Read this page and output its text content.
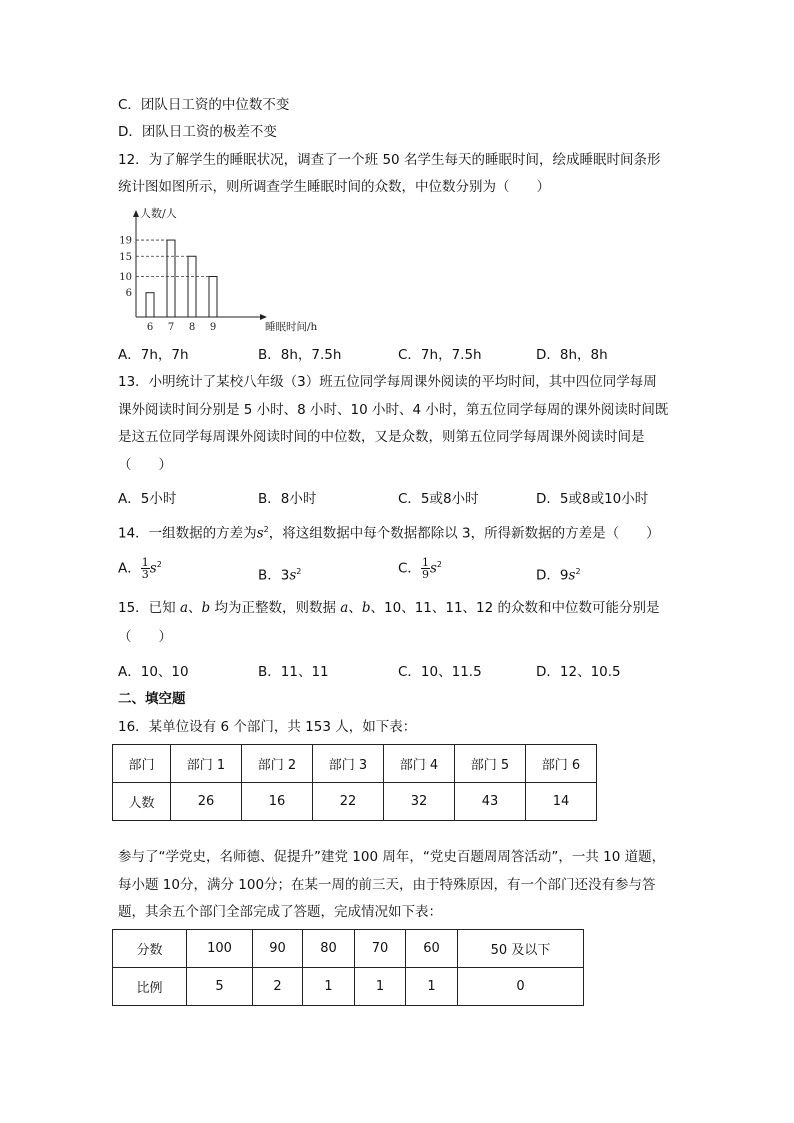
C．团队日工资的中位数不变
D．团队日工资的极差不变
12．为了解学生的睡眠状况，调查了一个班 50 名学生每天的睡眠时间，绘成睡眠时间条形
统计图如图所示，则所调查学生睡眠时间的众数，中位数分别为（　　）
人数/人
睡眠时间/h
19
15
10
6
6 7 8 9
A．7h，7h	B．8h，7.5h	C．7h，7.5h	D．8h，8h
13．小明统计了某校八年级（3）班五位同学每周课外阅读的平均时间，其中四位同学每周
课外阅读时间分别是 5 小时、8 小时、10 小时、4 小时，第五位同学每周的课外阅读时间既
是这五位同学每周课外阅读时间的中位数，又是众数，则第五位同学每周课外阅读时间是
（　　）
A．5小时	B．8小时	C．5或8小时	D．5或8或10小时
14．一组数据的方差为$s^2$，将这组数据中每个数据都除以 3，所得新数据的方差是（　　）
A． $\frac{1}{3} s^2$
B．$3s^2$	C． $\frac{1}{9} s^2$
D．$9s^2$
15．已知 a、b 均为正整数，则数据 a、b、10、11、11、12 的众数和中位数可能分别是
（　　）
A．10、10	B．11、11	C．10、11.5	D．12、10.5
二、填空题
16．某单位设有 6 个部门，共 153 人，如下表：
部门	部门 1	部门 2	部门 3	部门 4	部门 5	部门 6
人数	26	16	22	32	43	14
参与了“学党史，名师德、促提升”建党 100 周年，“党史百题周周答活动”，一共 10 道题，
每小题 10分，满分 100分；在某一周的前三天，由于特殊原因，有一个部门还没有参与答
题，其余五个部门全部完成了答题，完成情况如下表：
分数	100	90	80	70	60	50 及以下
比例	5	2	1	1	1	0
